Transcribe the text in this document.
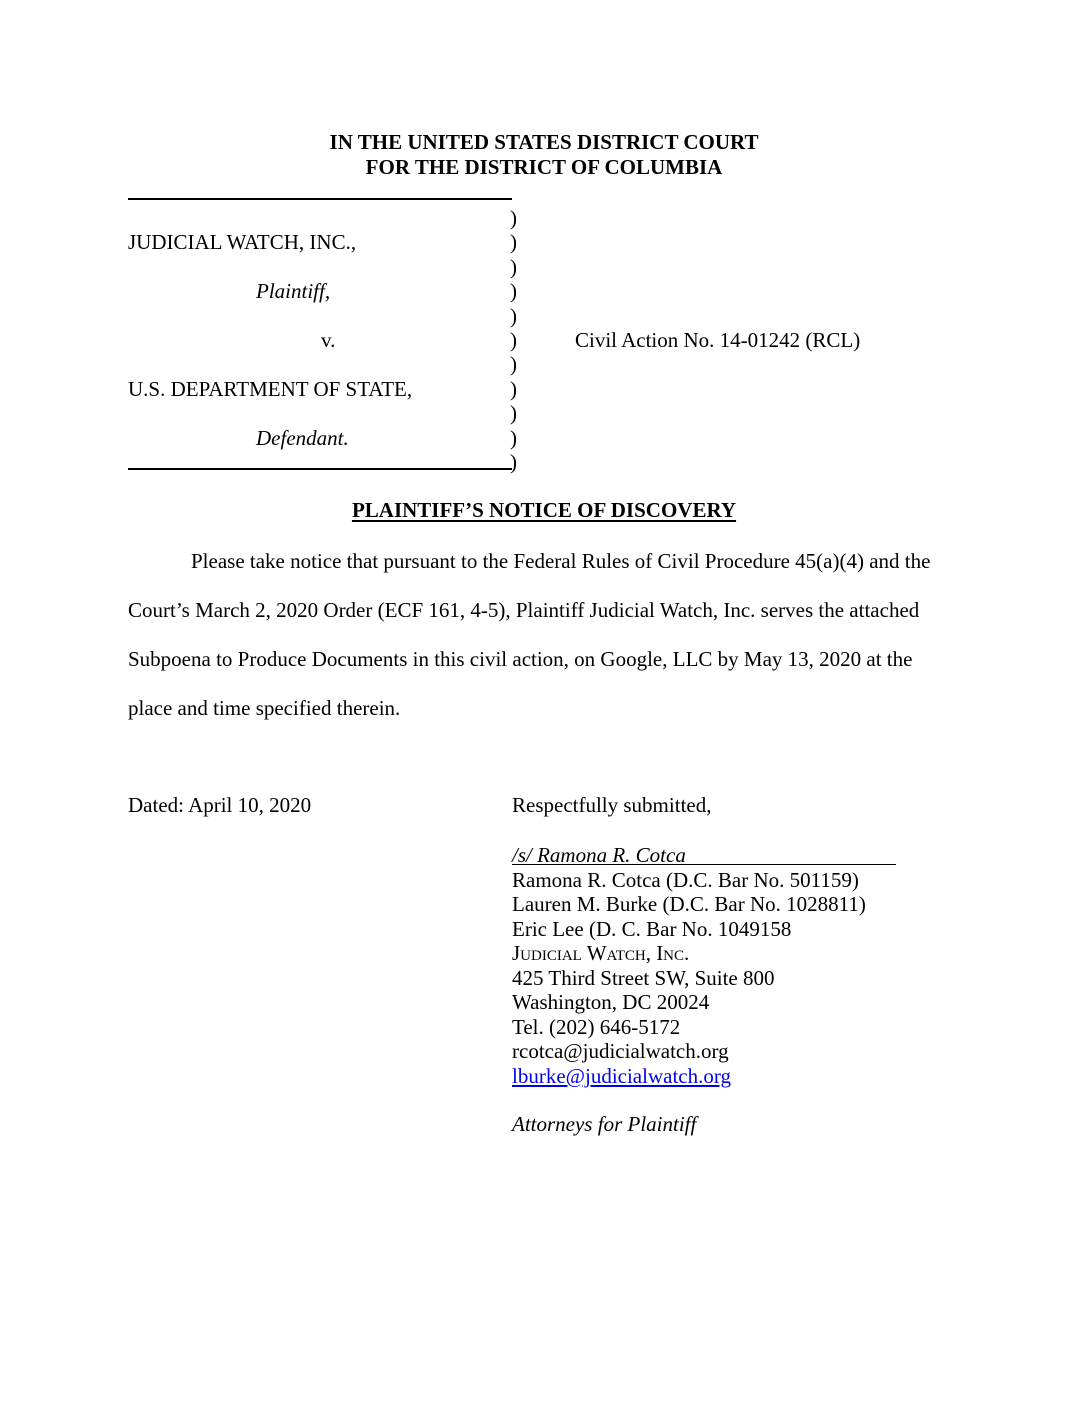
IN THE UNITED STATES DISTRICT COURT
FOR THE DISTRICT OF COLUMBIA
JUDICIAL WATCH, INC.,
Plaintiff,
v.
U.S. DEPARTMENT OF STATE,
Defendant.
)
)
)
)
)
)
)
)
)
)
)
Civil Action No. 14-01242 (RCL)
PLAINTIFF’S NOTICE OF DISCOVERY
Please take notice that pursuant to the Federal Rules of Civil Procedure 45(a)(4) and the
Court’s March 2, 2020 Order (ECF 161, 4-5), Plaintiff Judicial Watch, Inc. serves the attached
Subpoena to Produce Documents in this civil action, on Google, LLC by May 13, 2020 at the
place and time specified therein.
Dated: April 10, 2020	Respectfully submitted,
/s/ Ramona R. Cotca
Ramona R. Cotca (D.C. Bar No. 501159)
Lauren M. Burke (D.C. Bar No. 1028811)
Eric Lee (D. C. Bar No. 1049158
Judicial Watch, Inc.
425 Third Street SW, Suite 800
Washington, DC 20024
Tel. (202) 646-5172
rcotca@judicialwatch.org
lburke@judicialwatch.org
Attorneys for Plaintiff
